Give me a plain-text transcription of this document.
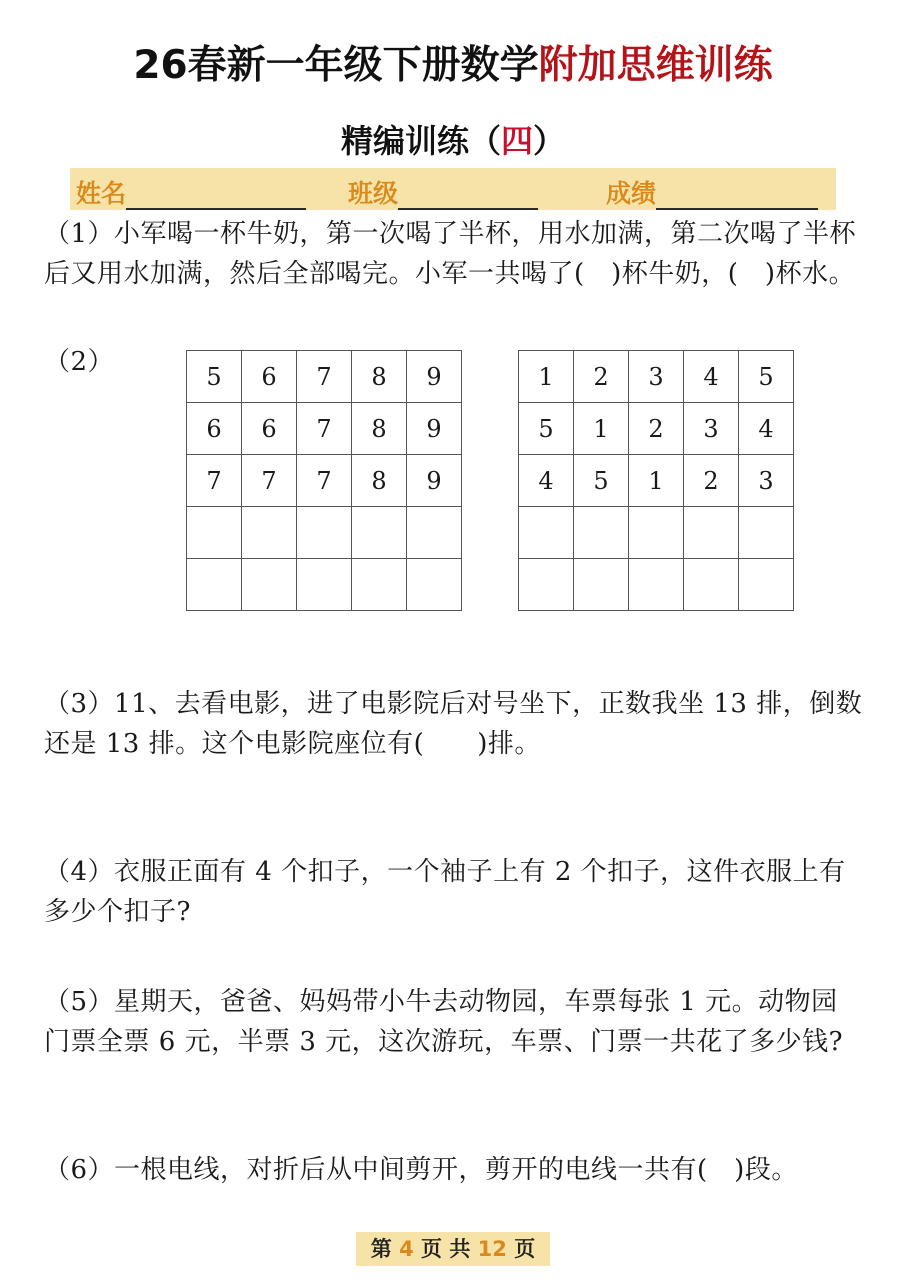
26春新一年级下册数学附加思维训练
精编训练（四）
姓名	班级	成绩
（1）小军喝一杯牛奶，第一次喝了半杯，用水加满，第二次喝了半杯后又用水加满，然后全部喝完。小军一共喝了(　)杯牛奶，(　)杯水。
（2）	5	6	7	8	9
6	6	7	8	9
7	7	7	8	9

1	2	3	4	5
5	1	2	3	4
4	5	1	2	3

（3）11、去看电影，进了电影院后对号坐下，正数我坐 13 排，倒数还是 13 排。这个电影院座位有(　　)排。
（4）衣服正面有 4 个扣子，一个袖子上有 2 个扣子，这件衣服上有多少个扣子?
（5）星期天，爸爸、妈妈带小牛去动物园，车票每张 1 元。动物园门票全票 6 元，半票 3 元，这次游玩，车票、门票一共花了多少钱?
（6）一根电线，对折后从中间剪开，剪开的电线一共有(　)段。
第 4 页 共 12 页
